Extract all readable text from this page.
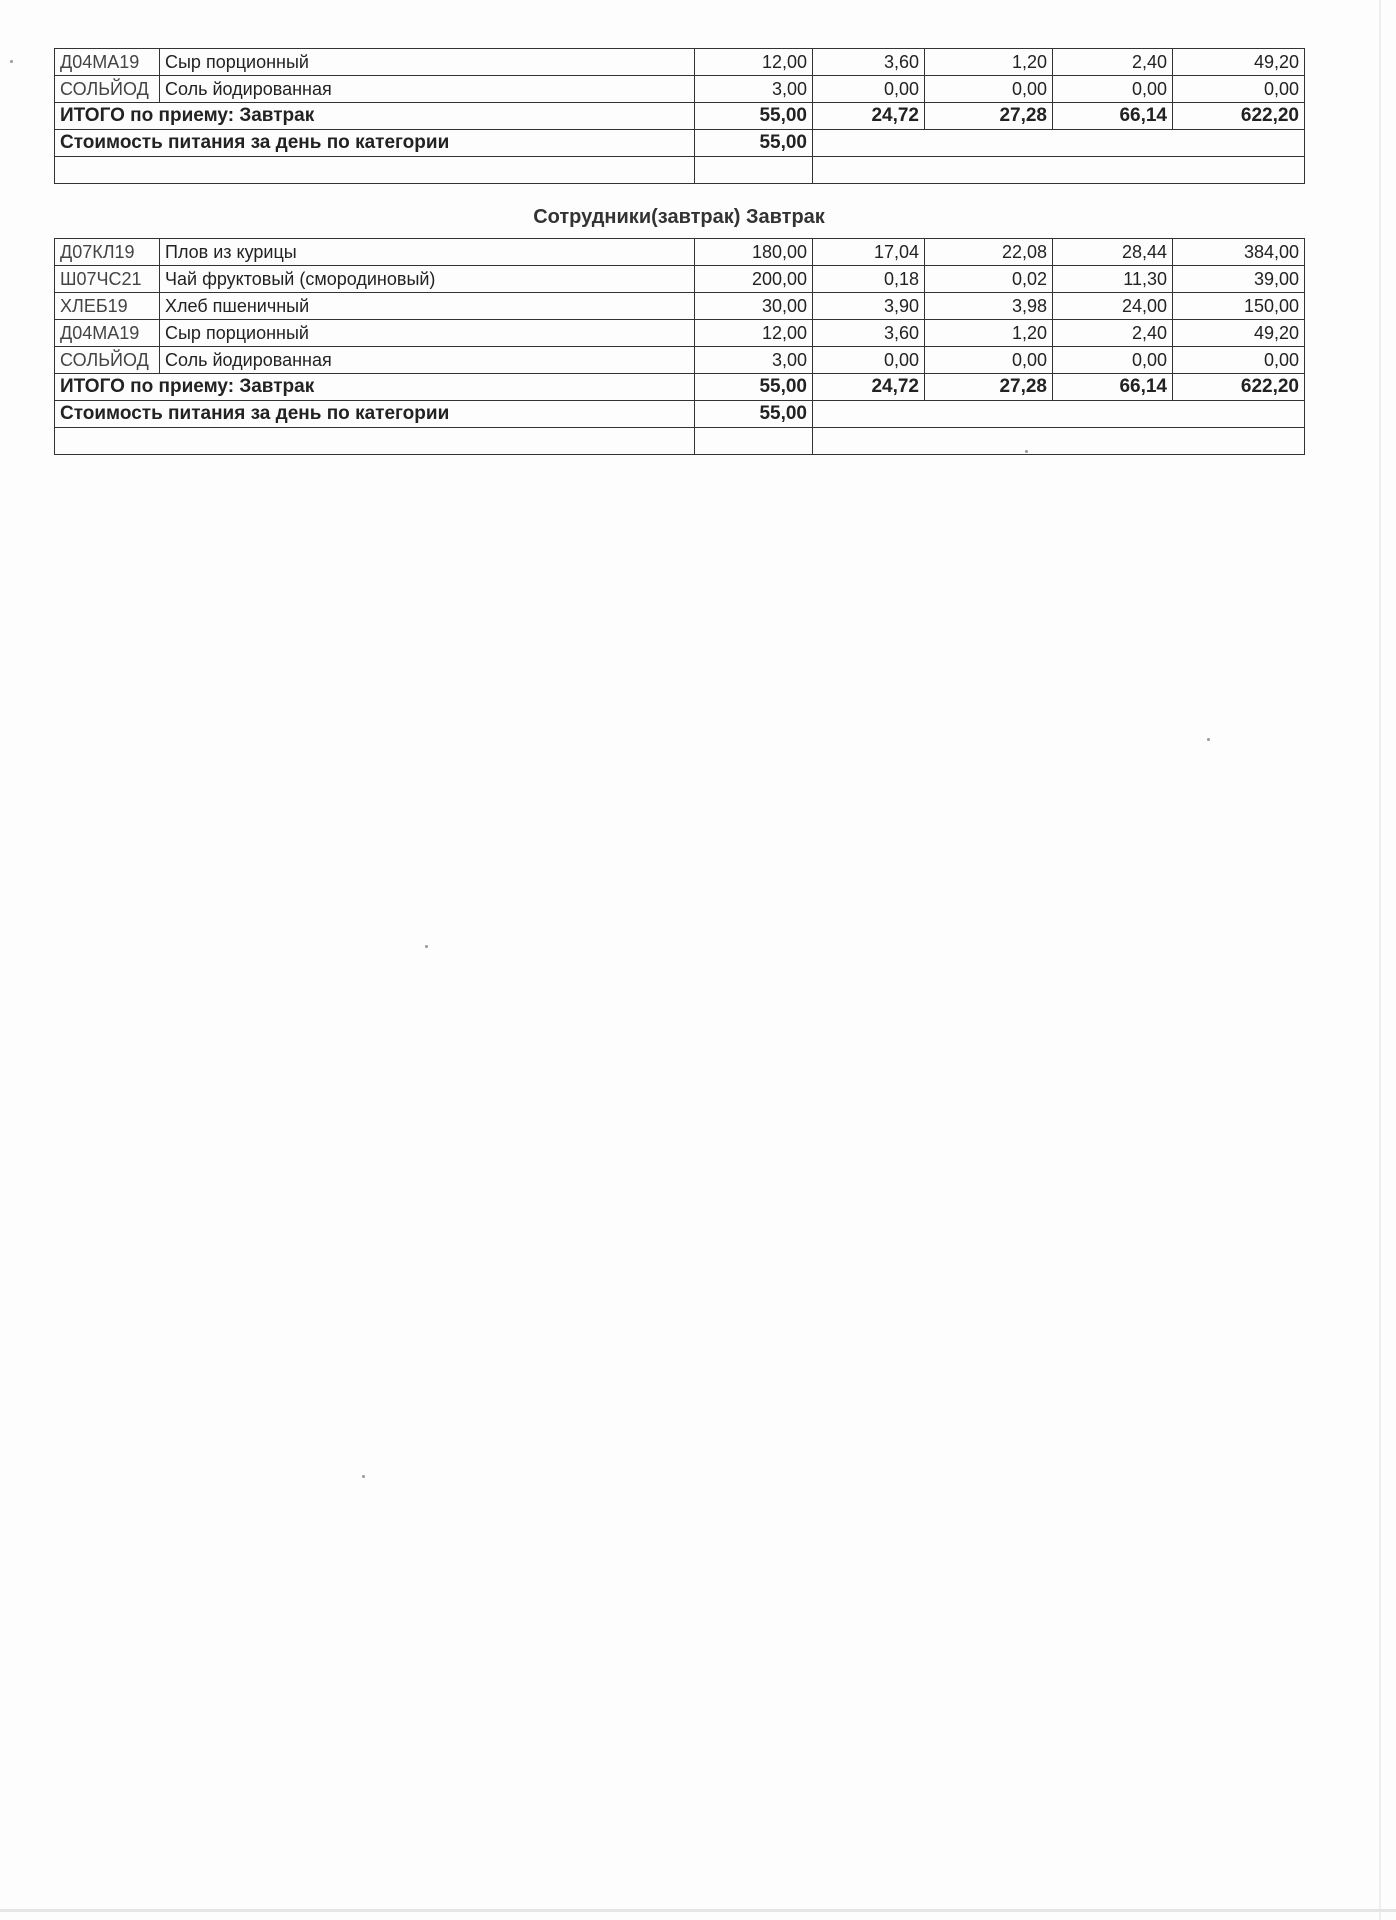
Д04МА19	Сыр порционный	12,00	3,60	1,20	2,40	49,20
СОЛЬЙОД	Соль йодированная	3,00	0,00	0,00	0,00	0,00
ИТОГО по приему: Завтрак		55,00	24,72	27,28	66,14	622,20
Стоимость питания за день по категории		55,00				

Сотрудники(завтрак) Завтрак
Д07КЛ19	Плов из курицы	180,00	17,04	22,08	28,44	384,00
Ш07ЧС21	Чай фруктовый (смородиновый)	200,00	0,18	0,02	11,30	39,00
ХЛЕБ19	Хлеб пшеничный	30,00	3,90	3,98	24,00	150,00
Д04МА19	Сыр порционный	12,00	3,60	1,20	2,40	49,20
СОЛЬЙОД	Соль йодированная	3,00	0,00	0,00	0,00	0,00
ИТОГО по приему: Завтрак		55,00	24,72	27,28	66,14	622,20
Стоимость питания за день по категории		55,00				
